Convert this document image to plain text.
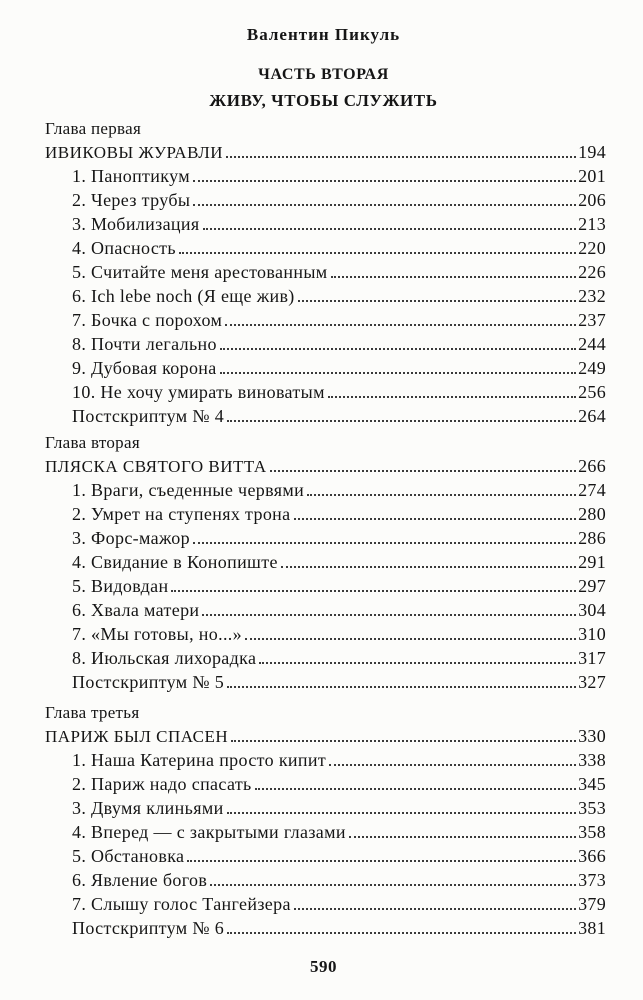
Валентин Пикуль
ЧАСТЬ ВТОРАЯ
ЖИВУ, ЧТОБЫ СЛУЖИТЬ
Глава первая
ИВИКОВЫ ЖУРАВЛИ	194
1. Паноптикум	201
2. Через трубы	206
3. Мобилизация	213
4. Опасность	220
5. Считайте меня арестованным	226
6. Ich lebe noch (Я еще жив)	232
7. Бочка с порохом	237
8. Почти легально	244
9. Дубовая корона	249
10. Не хочу умирать виноватым	256
Постскриптум № 4	264
Глава вторая
ПЛЯСКА СВЯТОГО ВИТТА	266
1. Враги, съеденные червями	274
2. Умрет на ступенях трона	280
3. Форс-мажор	286
4. Свидание в Конопиште	291
5. Видовдан	297
6. Хвала матери	304
7. «Мы готовы, но...»	310
8. Июльская лихорадка	317
Постскриптум № 5	327
Глава третья
ПАРИЖ БЫЛ СПАСЕН	330
1. Наша Катерина просто кипит	338
2. Париж надо спасать	345
3. Двумя клиньями	353
4. Вперед — с закрытыми глазами	358
5. Обстановка	366
6. Явление богов	373
7. Слышу голос Тангейзера	379
Постскриптум № 6	381
590
